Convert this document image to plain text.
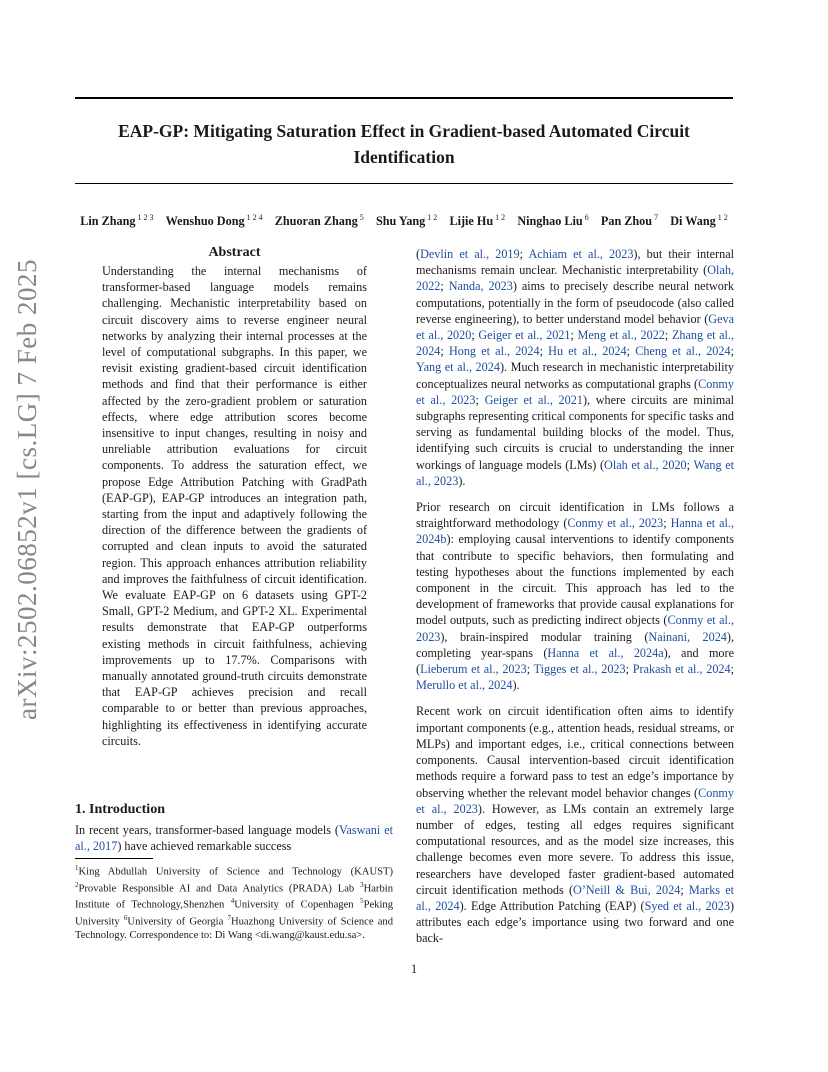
arXiv:2502.06852v1 [cs.LG] 7 Feb 2025
EAP-GP: Mitigating Saturation Effect in Gradient-based Automated Circuit Identification
Lin Zhang $^{1 2 3}$  Wenshuo Dong $^{1 2 4}$  Zhuoran Zhang $^5$  Shu Yang $^{1 2}$  Lijie Hu $^{1 2}$  Ninghao Liu $^6$  Pan Zhou $^7$  Di Wang $^{1 2}$
Abstract

Understanding the internal mechanisms of transformer-based language models remains challenging. Mechanistic interpretability based on circuit discovery aims to reverse engineer neural networks by analyzing their internal processes at the level of computational subgraphs. In this paper, we revisit existing gradient-based circuit identification methods and find that their performance is either affected by the zero-gradient problem or saturation effects, where edge attribution scores become insensitive to input changes, resulting in noisy and unreliable attribution evaluations for circuit components. To address the saturation effect, we propose Edge Attribution Patching with GradPath (EAP-GP), EAP-GP introduces an integration path, starting from the input and adaptively following the direction of the difference between the gradients of corrupted and clean inputs to avoid the saturated region. This approach enhances attribution reliability and improves the faithfulness of circuit identification. We evaluate EAP-GP on 6 datasets using GPT-2 Small, GPT-2 Medium, and GPT-2 XL. Experimental results demonstrate that EAP-GP outperforms existing methods in circuit faithfulness, achieving improvements up to 17.7%. Comparisons with manually annotated ground-truth circuits demonstrate that EAP-GP achieves precision and recall comparable to or better than previous approaches, highlighting its effectiveness in identifying accurate circuits.

1. Introduction

In recent years, transformer-based language models (Vaswani et al., 2017) have achieved remarkable success

$^1$King Abdullah University of Science and Technology (KAUST) $^2$Provable Responsible AI and Data Analytics (PRADA) Lab $^3$Harbin Institute of Technology,Shenzhen $^4$University of Copenhagen $^5$Peking University $^6$University of Georgia $^7$Huazhong University of Science and Technology. Correspondence to: Di Wang <di.wang@kaust.edu.sa>.

(Devlin et al., 2019; Achiam et al., 2023), but their internal mechanisms remain unclear. Mechanistic interpretability (Olah, 2022; Nanda, 2023) aims to precisely describe neural network computations, potentially in the form of pseudocode (also called reverse engineering), to better understand model behavior (Geva et al., 2020; Geiger et al., 2021; Meng et al., 2022; Zhang et al., 2024; Hong et al., 2024; Hu et al., 2024; Cheng et al., 2024; Yang et al., 2024). Much research in mechanistic interpretability conceptualizes neural networks as computational graphs (Conmy et al., 2023; Geiger et al., 2021), where circuits are minimal subgraphs representing critical components for specific tasks and serving as fundamental building blocks of the model. Thus, identifying such circuits is crucial to understanding the inner workings of language models (LMs) (Olah et al., 2020; Wang et al., 2023).

Prior research on circuit identification in LMs follows a straightforward methodology (Conmy et al., 2023; Hanna et al., 2024b): employing causal interventions to identify components that contribute to specific behaviors, then formulating and testing hypotheses about the functions implemented by each component in the circuit. This approach has led to the development of frameworks that provide causal explanations for model outputs, such as predicting indirect objects (Conmy et al., 2023), brain-inspired modular training (Nainani, 2024), completing year-spans (Hanna et al., 2024a), and more (Lieberum et al., 2023; Tigges et al., 2023; Prakash et al., 2024; Merullo et al., 2024).

Recent work on circuit identification often aims to identify important components (e.g., attention heads, residual streams, or MLPs) and important edges, i.e., critical connections between components. Causal intervention-based circuit identification methods require a forward pass to test an edge’s importance by observing whether the relevant model behavior changes (Conmy et al., 2023). However, as LMs contain an extremely large number of edges, testing all edges requires significant computational resources, and as the model size increases, this challenge becomes even more severe. To address this issue, researchers have developed faster gradient-based automated circuit identification methods (O’Neill & Bui, 2024; Marks et al., 2024). Edge Attribution Patching (EAP) (Syed et al., 2023) attributes each edge’s importance using two forward and one back-

1
